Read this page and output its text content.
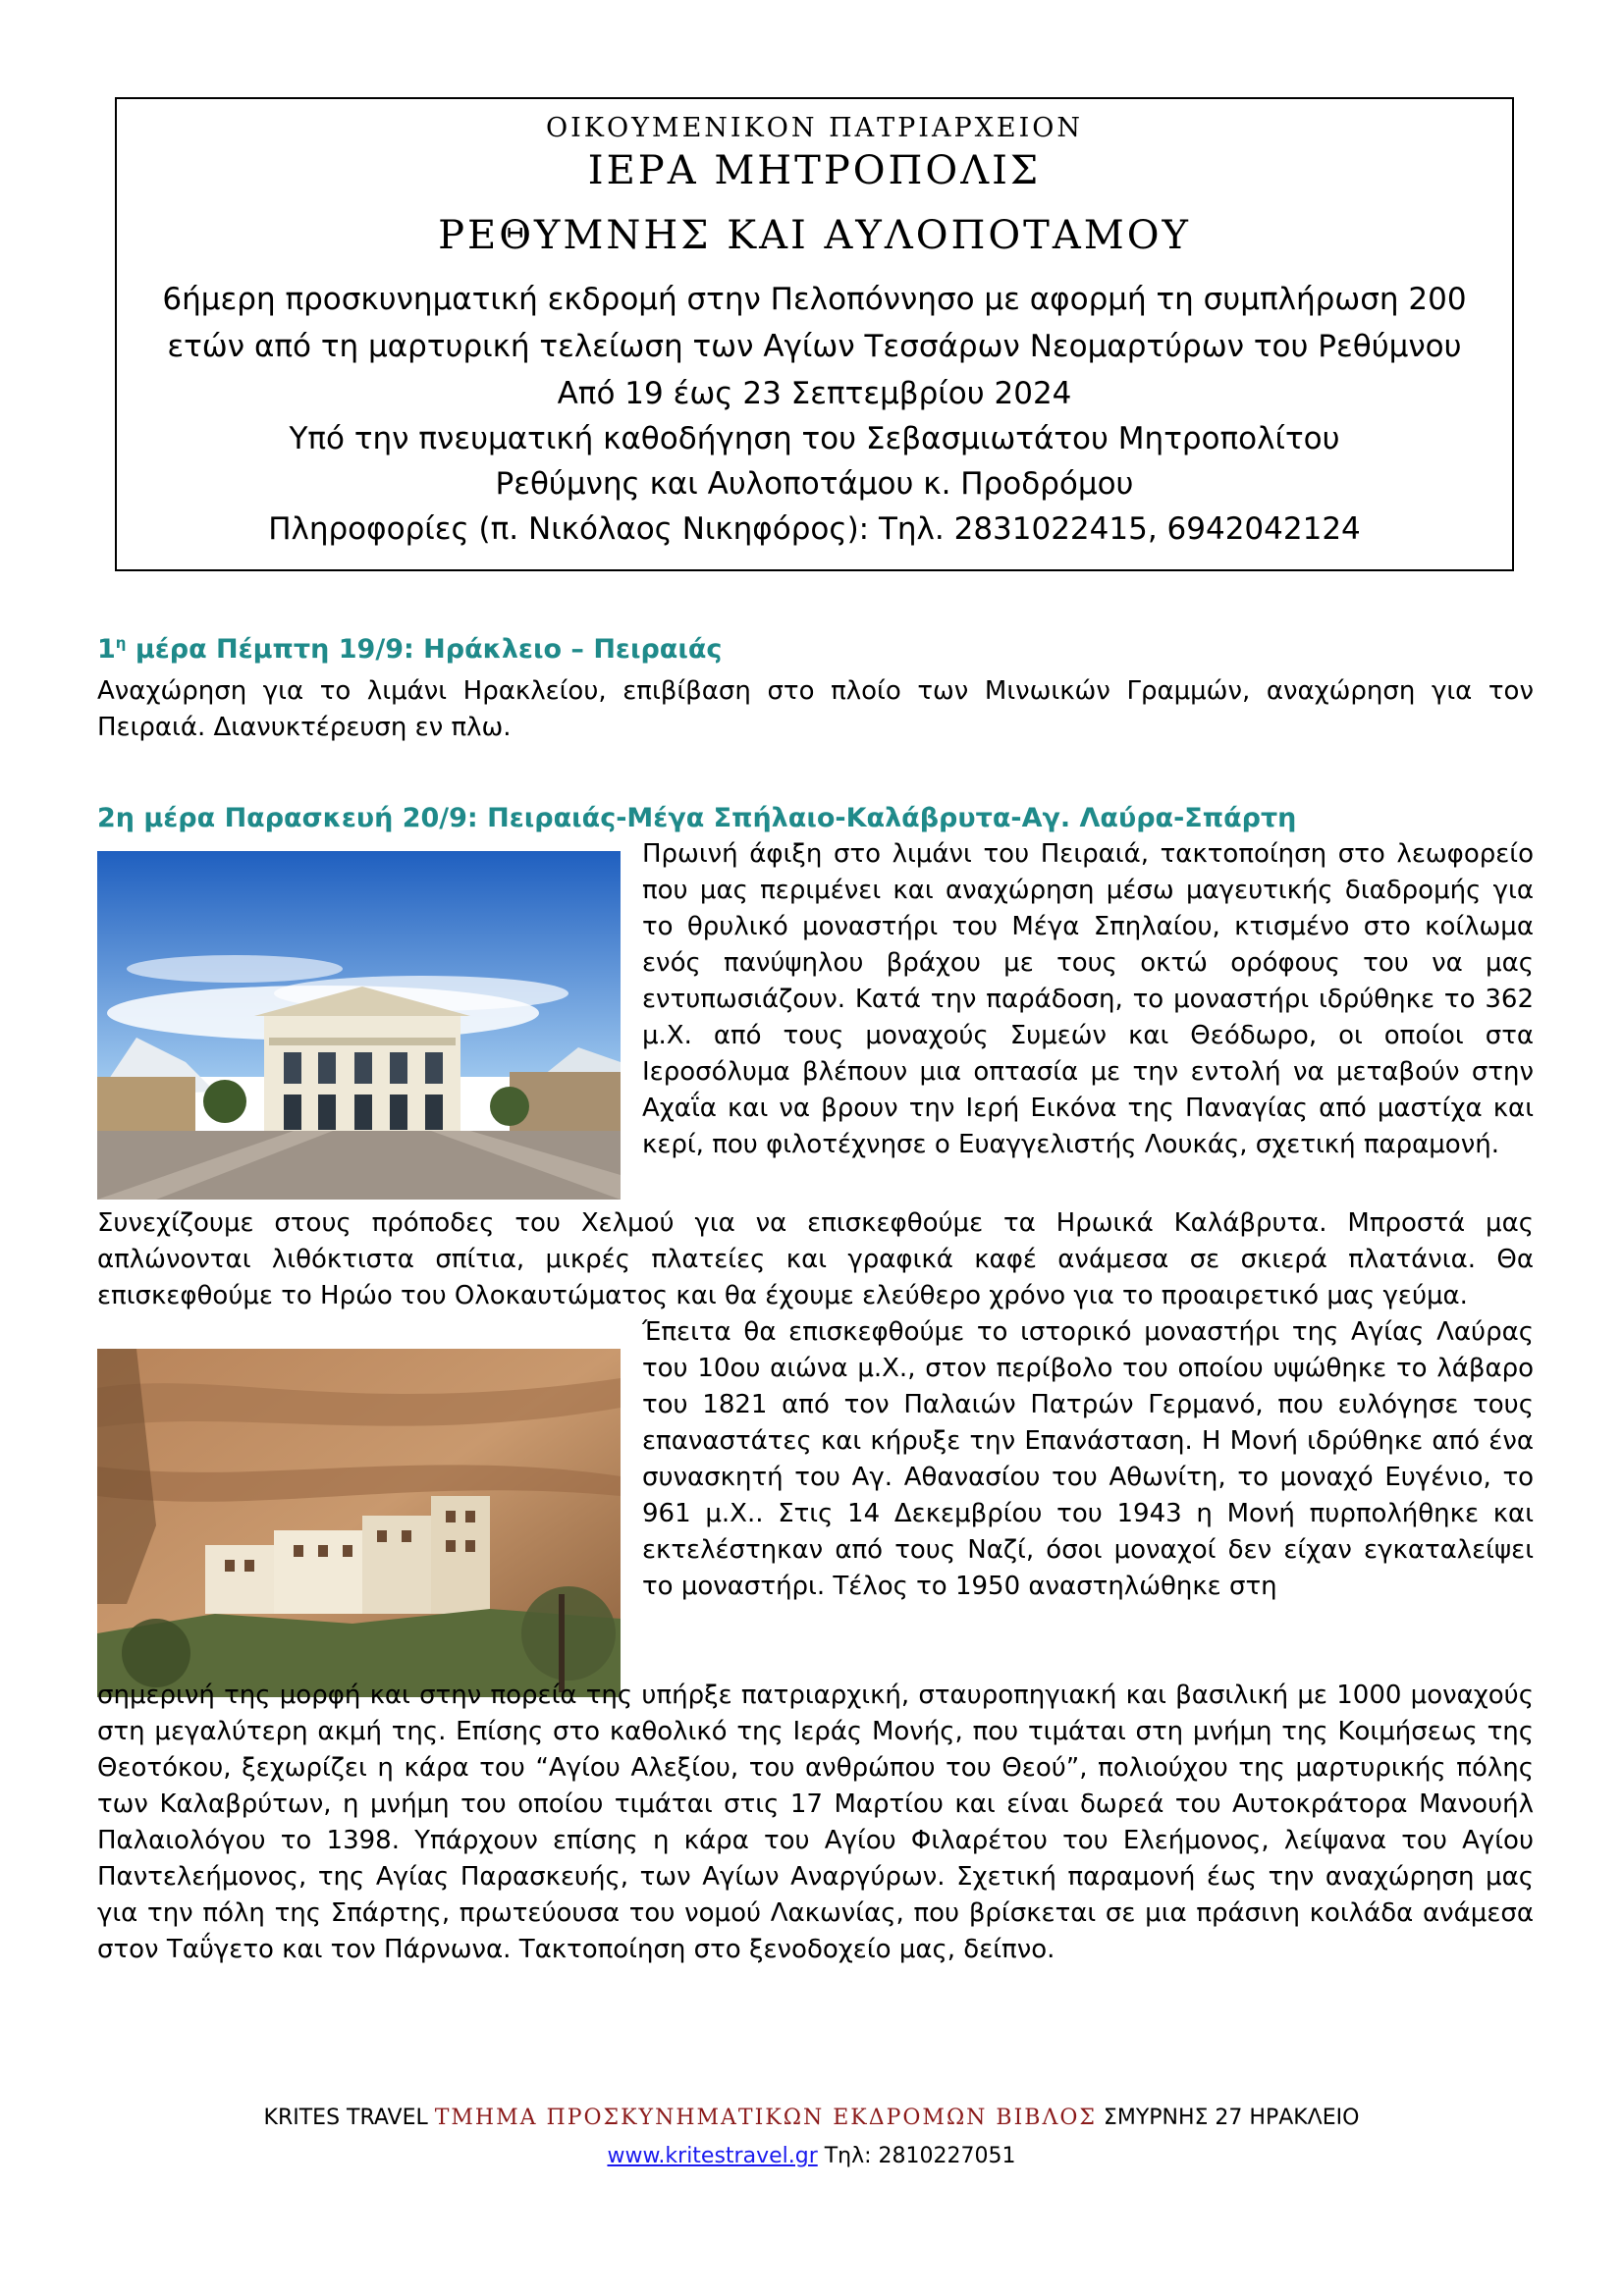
ΟΙΚΟΥΜΕΝΙΚΟΝ ΠΑΤΡΙΑΡΧΕΙΟΝ
ΙΕΡΑ ΜΗΤΡΟΠΟΛΙΣ
ΡΕΘΥΜΝΗΣ ΚΑΙ ΑΥΛΟΠΟΤΑΜΟΥ
6ήμερη προσκυνηματική εκδρομή στην Πελοπόννησο με αφορμή τη συμπλήρωση 200
ετών από τη μαρτυρική τελείωση των Αγίων Τεσσάρων Νεομαρτύρων του Ρεθύμνου
Από 19 έως 23 Σεπτεμβρίου 2024
Υπό την πνευματική καθοδήγηση του Σεβασμιωτάτου Μητροπολίτου
Ρεθύμνης και Αυλοποτάμου κ. Προδρόμου
Πληροφορίες (π. Νικόλαος Νικηφόρος): Τηλ. 2831022415, 6942042124
$1^\eta$ μέρα Πέμπτη 19/9: Ηράκλειο – Πειραιάς
Αναχώρηση για το λιμάνι Ηρακλείου, επιβίβαση στο πλοίο των Μινωικών Γραμμών, αναχώρηση για τον Πειραιά. Διανυκτέρευση εν πλω.
2η μέρα Παρασκευή 20/9: Πειραιάς-Μέγα Σπήλαιο-Καλάβρυτα-Αγ. Λαύρα-Σπάρτη
Πρωινή άφιξη στο λιμάνι του Πειραιά, τακτοποίηση στο λεωφορείο που μας περιμένει και αναχώρηση μέσω μαγευτικής διαδρομής για το θρυλικό μοναστήρι του Μέγα Σπηλαίου, κτισμένο στο κοίλωμα ενός πανύψηλου βράχου με τους οκτώ ορόφους του να μας εντυπωσιάζουν. Κατά την παράδοση, το μοναστήρι ιδρύθηκε το 362 μ.Χ. από τους μοναχούς Συμεών και Θεόδωρο, οι οποίοι στα Ιεροσόλυμα βλέπουν μια οπτασία με την εντολή να μεταβούν στην Αχαΐα και να βρουν την Ιερή Εικόνα της Παναγίας από μαστίχα και κερί, που φιλοτέχνησε ο Ευαγγελιστής Λουκάς, σχετική παραμονή.
Συνεχίζουμε στους πρόποδες του Χελμού για να επισκεφθούμε τα Ηρωικά Καλάβρυτα. Μπροστά μας απλώνονται λιθόκτιστα σπίτια, μικρές πλατείες και γραφικά καφέ ανάμεσα σε σκιερά πλατάνια. Θα επισκεφθούμε το Ηρώο του Ολοκαυτώματος και θα έχουμε ελεύθερο χρόνο για το προαιρετικό μας γεύμα.
Έπειτα θα επισκεφθούμε το ιστορικό μοναστήρι της Αγίας Λαύρας του 10ου αιώνα μ.Χ., στον περίβολο του οποίου υψώθηκε το λάβαρο του 1821 από τον Παλαιών Πατρών Γερμανό, που ευλόγησε τους επαναστάτες και κήρυξε την Επανάσταση. Η Μονή ιδρύθηκε από ένα συνασκητή του Αγ. Αθανασίου του Αθωνίτη, το μοναχό Ευγένιο, το 961 μ.Χ.. Στις 14 Δεκεμβρίου του 1943 η Μονή πυρπολήθηκε και εκτελέστηκαν από τους Ναζί, όσοι μοναχοί δεν είχαν εγκαταλείψει το μοναστήρι. Τέλος το 1950 αναστηλώθηκε στη
σημερινή της μορφή και στην πορεία της υπήρξε πατριαρχική, σταυροπηγιακή και βασιλική με 1000 μοναχούς στη μεγαλύτερη ακμή της. Επίσης στο καθολικό της Ιεράς Μονής, που τιμάται στη μνήμη της Κοιμήσεως της Θεοτόκου, ξεχωρίζει η κάρα του “Αγίου Αλεξίου, του ανθρώπου του Θεού”, πολιούχου της μαρτυρικής πόλης των Καλαβρύτων, η μνήμη του οποίου τιμάται στις 17 Μαρτίου και είναι δωρεά του Αυτοκράτορα Μανουήλ Παλαιολόγου το 1398. Υπάρχουν επίσης η κάρα του Αγίου Φιλαρέτου του Ελεήμονος, λείψανα του Αγίου Παντελεήμονος, της Αγίας Παρασκευής, των Αγίων Αναργύρων. Σχετική παραμονή έως την αναχώρηση μας για την πόλη της Σπάρτης, πρωτεύουσα του νομού Λακωνίας, που βρίσκεται σε μια πράσινη κοιλάδα ανάμεσα στον Ταΰγετο και τον Πάρνωνα. Τακτοποίηση στο ξενοδοχείο μας, δείπνο.
KRITES TRAVEL ΤΜΗΜΑ ΠΡΟΣΚΥΝΗΜΑΤΙΚΩΝ ΕΚΔΡΟΜΩΝ ΒΙΒΛΟΣ ΣΜΥΡΝΗΣ 27 ΗΡΑΚΛΕΙΟ
www.kritestravel.gr Τηλ: 2810227051
